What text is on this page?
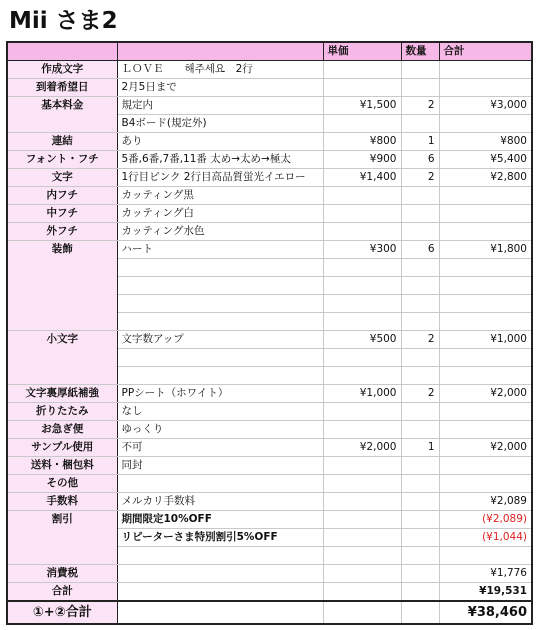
Mii さま2
		単価	数量	合計
作成文字	ＬＯＶＥ　　해주세요　2行			
到着希望日	2月5日まで			
基本料金	規定内	¥1,500	2	¥3,000
	B4ボード(規定外)			
連結	あり	¥800	1	¥800
フォント・フチ	5番,6番,7番,11番 太め→太め→極太	¥900	6	¥5,400
文字	1行目ピンク 2行目高品質蛍光イエロー	¥1,400	2	¥2,800
内フチ	カッティング黒			
中フチ	カッティング白			
外フチ	カッティング水色			
装飾	ハート	¥300	6	¥1,800

小文字	文字数アップ	¥500	2	¥1,000

文字裏厚紙補強	PPシート（ホワイト）	¥1,000	2	¥2,000
折りたたみ	なし			
お急ぎ便	ゆっくり			
サンプル使用	不可	¥2,000	1	¥2,000
送料・梱包料	同封			
その他				
手数料	メルカリ手数料			¥2,089
割引	期間限定10%OFF			(¥2,089)
	リピーターさま特別割引5%OFF			(¥1,044)

消費税				¥1,776
合計				¥19,531
①+②合計				¥38,460
